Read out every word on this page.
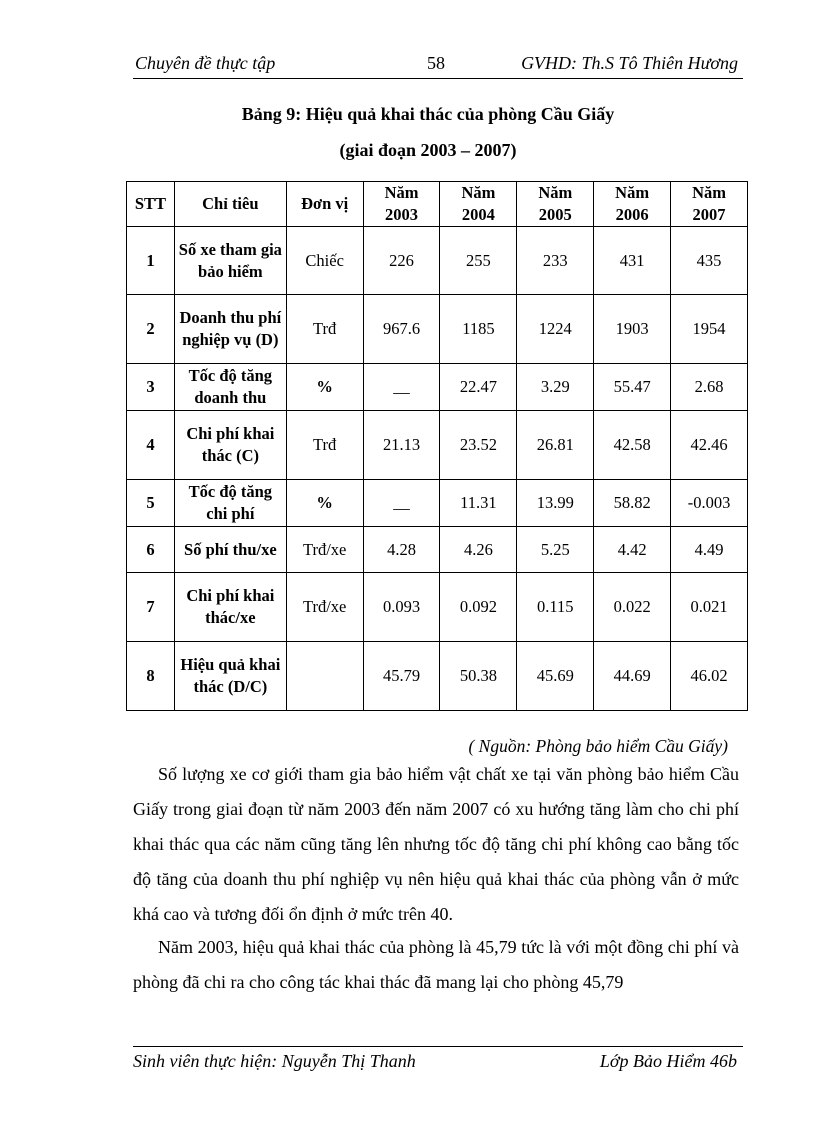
Chuyên đề thực tập	58	GVHD: Th.S Tô Thiên Hương
Bảng 9: Hiệu quả khai thác của phòng Cầu Giấy
(giai đoạn 2003 – 2007)
STT	Chỉ tiêu	Đơn vị	Năm 2003	Năm 2004	Năm 2005	Năm 2006	Năm 2007
1	Số xe tham gia bảo hiểm	Chiếc	226	255	233	431	435
2	Doanh thu phí nghiệp vụ (D)	Trđ	967.6	1185	1224	1903	1954
3	Tốc độ tăng doanh thu	%	__	22.47	3.29	55.47	2.68
4	Chi phí khai thác (C)	Trđ	21.13	23.52	26.81	42.58	42.46
5	Tốc độ tăng chi phí	%	__	11.31	13.99	58.82	-0.003
6	Số phí thu/xe	Trđ/xe	4.28	4.26	5.25	4.42	4.49
7	Chi phí khai thác/xe	Trđ/xe	0.093	0.092	0.115	0.022	0.021
8	Hiệu quả khai thác (D/C)		45.79	50.38	45.69	44.69	46.02
( Nguồn: Phòng bảo hiểm Cầu Giấy)

Số lượng xe cơ giới tham gia bảo hiểm vật chất xe tại văn phòng bảo hiểm Cầu Giấy trong giai đoạn từ năm 2003 đến năm 2007 có xu hướng tăng làm cho chi phí khai thác qua các năm cũng tăng lên nhưng tốc độ tăng chi phí không cao bằng tốc độ tăng của doanh thu phí nghiệp vụ nên hiệu quả khai thác của phòng vẫn ở mức khá cao và tương đối ổn định ở mức trên 40.

Năm 2003, hiệu quả khai thác của phòng là 45,79 tức là với một đồng chi phí và phòng đã chi ra cho công tác khai thác đã mang lại cho phòng 45,79

Sinh viên thực hiện: Nguyễn Thị Thanh	Lớp Bảo Hiểm 46b
